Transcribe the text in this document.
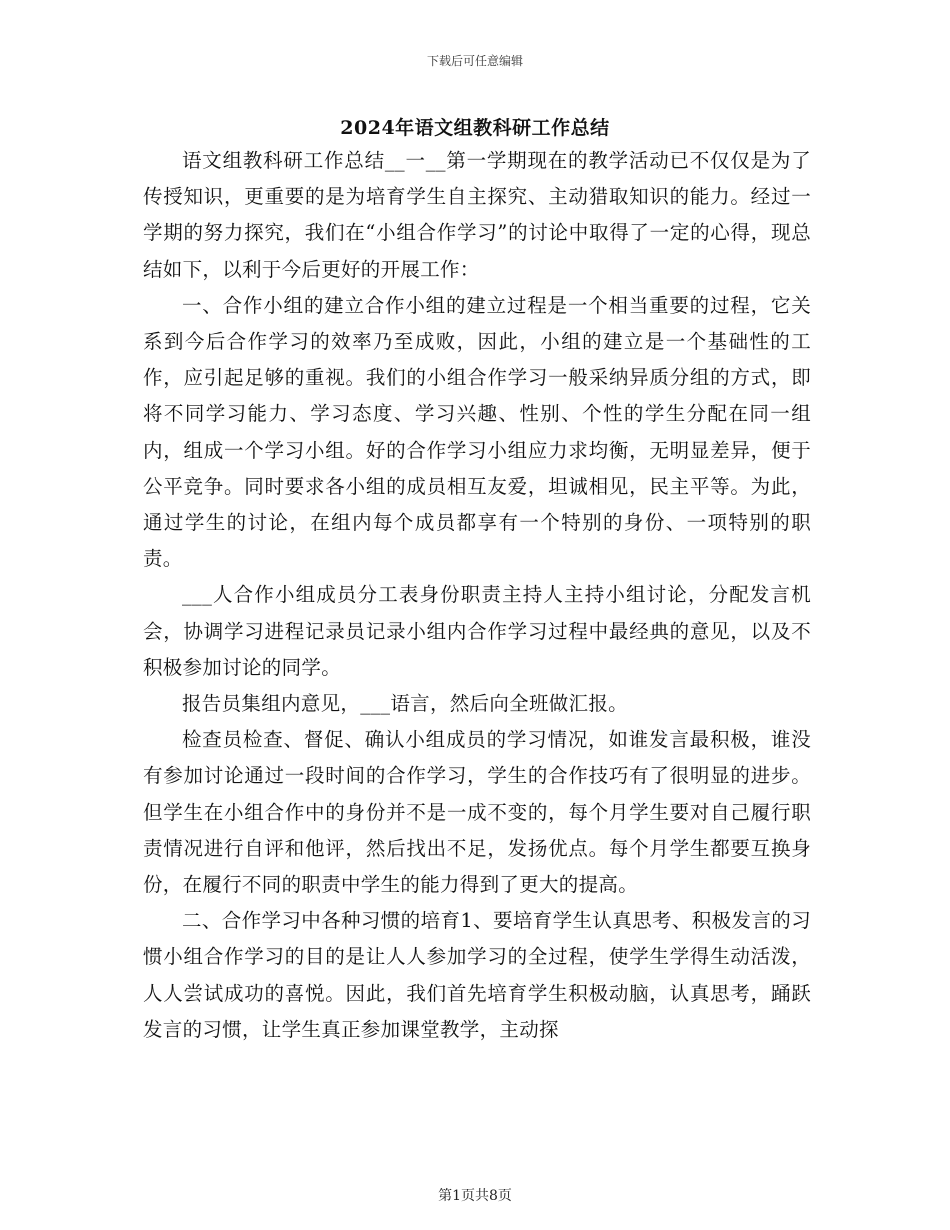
下载后可任意编辑
2024年语文组教科研工作总结

语文组教科研工作总结__一__第一学期现在的教学活动已不仅仅是为了传授知识，更重要的是为培育学生自主探究、主动猎取知识的能力。经过一学期的努力探究，我们在“小组合作学习”的讨论中取得了一定的心得，现总结如下，以利于今后更好的开展工作：

一、合作小组的建立合作小组的建立过程是一个相当重要的过程，它关系到今后合作学习的效率乃至成败，因此，小组的建立是一个基础性的工作，应引起足够的重视。我们的小组合作学习一般采纳异质分组的方式，即将不同学习能力、学习态度、学习兴趣、性别、个性的学生分配在同一组内，组成一个学习小组。好的合作学习小组应力求均衡，无明显差异，便于公平竞争。同时要求各小组的成员相互友爱，坦诚相见，民主平等。为此，通过学生的讨论，在组内每个成员都享有一个特别的身份、一项特别的职责。

___人合作小组成员分工表身份职责主持人主持小组讨论，分配发言机会，协调学习进程记录员记录小组内合作学习过程中最经典的意见，以及不积极参加讨论的同学。

报告员集组内意见，___语言，然后向全班做汇报。

检查员检查、督促、确认小组成员的学习情况，如谁发言最积极，谁没有参加讨论通过一段时间的合作学习，学生的合作技巧有了很明显的进步。但学生在小组合作中的身份并不是一成不变的，每个月学生要对自己履行职责情况进行自评和他评，然后找出不足，发扬优点。每个月学生都要互换身份，在履行不同的职责中学生的能力得到了更大的提高。

二、合作学习中各种习惯的培育1、要培育学生认真思考、积极发言的习惯小组合作学习的目的是让人人参加学习的全过程，使学生学得生动活泼，人人尝试成功的喜悦。因此，我们首先培育学生积极动脑，认真思考，踊跃发言的习惯，让学生真正参加课堂教学，主动探

第1页共8页
